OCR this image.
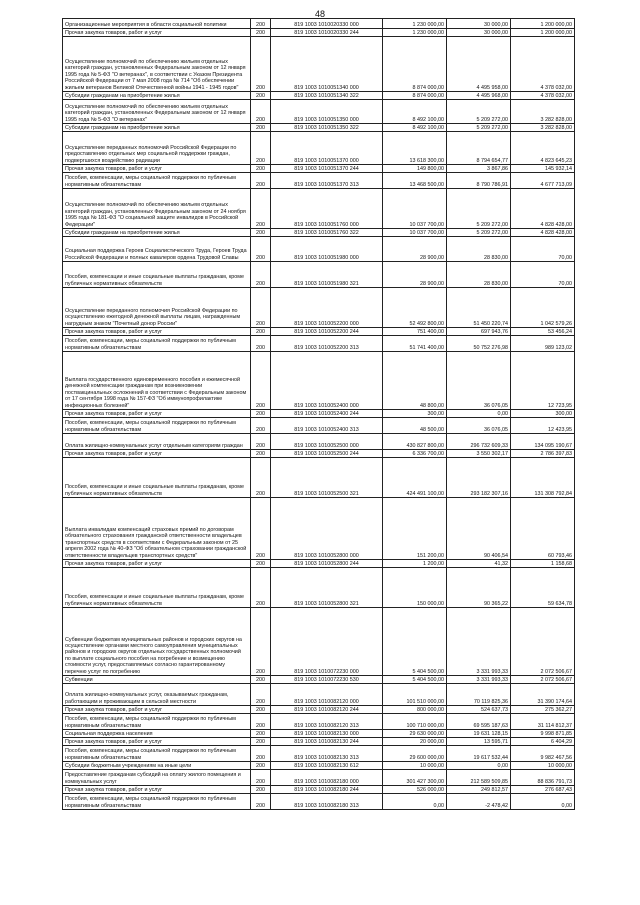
48
Организационные мероприятия в области социальной политики	200	819 1003 1010020330 000	1 230 000,00	30 000,00	1 200 000,00
Прочая закупка товаров, работ и услуг	200	819 1003 1010020330 244	1 230 000,00	30 000,00	1 200 000,00
Осуществление полномочий по обеспечению жильем отдельных категорий граждан, установленных Федеральным законом от 12 января 1995 года № 5-ФЗ "О ветеранах", в соответствии с Указом Президента Российской Федерации от 7 мая 2008 года № 714 "Об обеспечении жильем ветеранов Великой Отечественной войны 1941 - 1945 годов"	200	819 1003 1010051340 000	8 874 000,00	4 495 958,00	4 378 032,00
Субсидии гражданам на приобретение жилья	200	819 1003 1010051340 322	8 874 000,00	4 495 968,00	4 378 032,00
Осуществление полномочий по обеспечению жильем отдельных категорий граждан, установленных Федеральным законом от 12 января 1995 года № 5-ФЗ "О ветеранах"	200	819 1003 1010051350 000	8 492 100,00	5 209 272,00	3 282 828,00
Субсидии гражданам на приобретение жилья	200	819 1003 1010051350 322	8 492 100,00	5 209 272,00	3 282 828,00
Осуществление переданных полномочий Российской Федерации по предоставлению отдельных мер социальной поддержки граждан, подвергшихся воздействию радиации	200	819 1003 1010051370 000	13 618 300,00	8 794 654,77	4 823 645,23
Прочая закупка товаров, работ и услуг	200	819 1003 1010051370 244	149 800,00	3 867,86	145 932,14
Пособия, компенсации, меры социальной поддержки по публичным нормативным обязательствам	200	819 1003 1010051370 313	13 468 500,00	8 790 786,91	4 677 713,09
Осуществление полномочий по обеспечению жильем отдельных категорий граждан, установленных Федеральным законом от 24 ноября 1995 года № 181-ФЗ "О социальной защите инвалидов в Российской Федерации"	200	819 1003 1010051760 000	10 037 700,00	5 209 272,00	4 828 428,00
Субсидии гражданам на приобретение жилья	200	819 1003 1010051760 322	10 037 700,00	5 209 272,00	4 828 428,00
Социальная поддержка Героев Социалистического Труда, Героев Труда Российской Федерации и полных кавалеров ордена Трудовой Славы	200	819 1003 1010051980 000	28 900,00	28 830,00	70,00
Пособия, компенсации и иные социальные выплаты гражданам, кроме публичных нормативных обязательств	200	819 1003 1010051980 321	28 900,00	28 830,00	70,00
Осуществление переданного полномочия Российской Федерации по осуществлению ежегодной денежной выплаты лицам, награжденным нагрудным знаком "Почетный донор России"	200	819 1003 1010052200 000	52 492 800,00	51 450 220,74	1 042 579,26
Прочая закупка товаров, работ и услуг	200	819 1003 1010052200 244	751 400,00	697 943,76	53 456,24
Пособия, компенсации, меры социальной поддержки по публичным нормативным обязательствам	200	819 1003 1010052200 313	51 741 400,00	50 752 276,98	989 123,02
Выплата государственного единовременного пособия и ежемесячной денежной компенсации гражданам при возникновении поствакцинальных осложнений в соответствии с Федеральным законом от 17 сентября 1998 года № 157-ФЗ "Об иммунопрофилактике инфекционных болезней"	200	819 1003 1010052400 000	48 800,00	36 076,05	12 723,95
Прочая закупка товаров, работ и услуг	200	819 1003 1010052400 244	300,00	0,00	300,00
Пособия, компенсации, меры социальной поддержки по публичным нормативным обязательствам	200	819 1003 1010052400 313	48 500,00	36 076,05	12 423,95
Оплата жилищно-коммунальных услуг отдельным категориям граждан	200	819 1003 1010052500 000	430 827 800,00	296 732 609,33	134 095 190,67
Прочая закупка товаров, работ и услуг	200	819 1003 1010052500 244	6 336 700,00	3 550 302,17	2 786 397,83
Пособия, компенсации и иные социальные выплаты гражданам, кроме публичных нормативных обязательств	200	819 1003 1010052500 321	424 491 100,00	293 182 307,16	131 308 792,84
Выплата инвалидам компенсаций страховых премий по договорам обязательного страхования гражданской ответственности владельцев транспортных средств в соответствии с Федеральным законом от 25 апреля 2002 года № 40-ФЗ "Об обязательном страховании гражданской ответственности владельцев транспортных средств"	200	819 1003 1010052800 000	151 200,00	90 406,54	60 793,46
Прочая закупка товаров, работ и услуг	200	819 1003 1010052800 244	1 200,00	41,32	1 158,68
Пособия, компенсации и иные социальные выплаты гражданам, кроме публичных нормативных обязательств	200	819 1003 1010052800 321	150 000,00	90 365,22	59 634,78
Субвенции бюджетам муниципальных районов и городских округов на осуществление органами местного самоуправления муниципальных районов и городских округов отдельных государственных полномочий по выплате социального пособия на погребение и возмещению стоимости услуг, предоставляемых согласно гарантированному перечню услуг по погребению	200	819 1003 1010072230 000	5 404 500,00	3 331 993,33	2 072 506,67
Субвенции	200	819 1003 1010072230 530	5 404 500,00	3 331 993,33	2 072 506,67
Оплата жилищно-коммунальных услуг, оказываемых гражданам, работающим и проживающим в сельской местности	200	819 1003 1010082120 000	101 510 000,00	70 119 825,36	31 390 174,64
Прочая закупка товаров, работ и услуг	200	819 1003 1010082120 244	800 000,00	524 637,73	275 362,27
Пособия, компенсации, меры социальной поддержки по публичным нормативным обязательствам	200	819 1003 1010082120 313	100 710 000,00	69 595 187,63	31 114 812,37
Социальная поддержка населения	200	819 1003 1010082130 000	29 630 000,00	19 631 128,15	9 998 871,85
Прочая закупка товаров, работ и услуг	200	819 1003 1010082130 244	20 000,00	13 595,71	6 404,29
Пособия, компенсации, меры социальной поддержки по публичным нормативным обязательствам	200	819 1003 1010082130 313	29 600 000,00	19 617 532,44	9 982 467,56
Субсидии бюджетным учреждениям на иные цели	200	819 1003 1010082130 612	10 000,00	0,00	10 000,00
Предоставление гражданам субсидий на оплату жилого помещения и коммунальных услуг	200	819 1003 1010082180 000	301 427 300,00	212 589 509,85	88 836 791,73
Прочая закупка товаров, работ и услуг	200	819 1003 1010082180 244	526 000,00	249 812,57	276 687,43
Пособия, компенсации, меры социальной поддержки по публичным нормативным обязательствам	200	819 1003 1010082180 313	0,00	-2 478,42	0,00
